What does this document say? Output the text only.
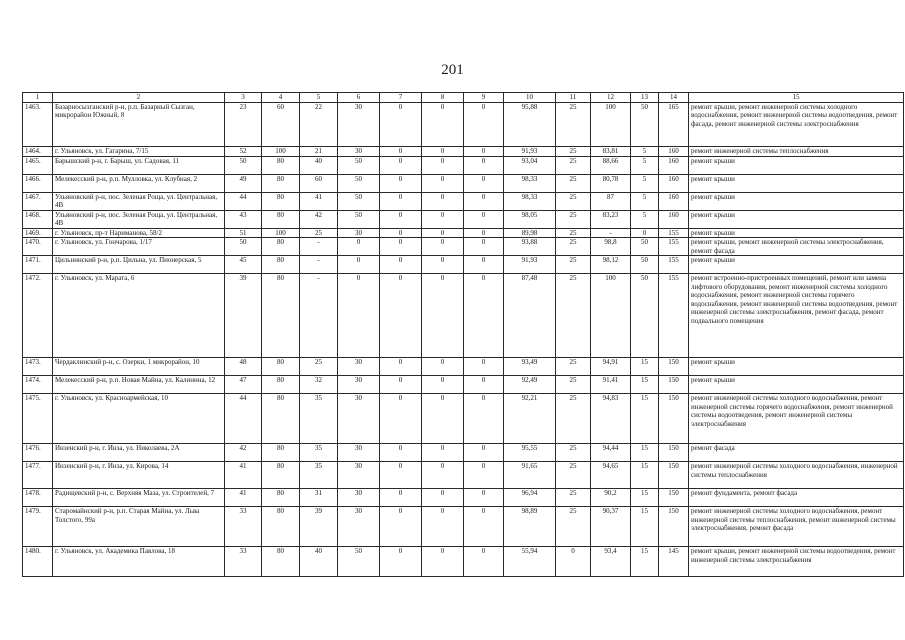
201
1	2	3	4	5	6	7	8	9	10	11	12	13	14	15
1463.	Базарносызганский р-н, р.п. Базарный Сызган, микрорайон Южный, 8	23	60	22	30	0	0	0	95,88	25	100	50	165	ремонт крыши, ремонт инженерной системы холодного водоснабжения, ремонт инженерной системы водоотведения, ремонт фасада, ремонт инженерной системы электроснабжения
1464.	г. Ульяновск, ул. Гагарина, 7/15	52	100	21	30	0	0	0	91,93	25	83,81	5	160	ремонт инженерной системы теплоснабжения
1465.	Барышский р-н, г. Барыш, ул. Садовая, 11	50	80	40	50	0	0	0	93,04	25	88,66	5	160	ремонт крыши
1466.	Мелекесский р-н, р.п. Мулловка, ул. Клубная, 2	49	80	60	50	0	0	0	98,33	25	80,78	5	160	ремонт крыши
1467.	Ульяновский р-н, пос. Зеленая Роща, ул. Центральная, 4В	44	80	41	50	0	0	0	98,33	25	87	5	160	ремонт крыши
1468.	Ульяновский р-н, пос. Зеленая Роща, ул. Центральная, 4В	43	80	42	50	0	0	0	98,05	25	83,23	5	160	ремонт крыши
1469.	г. Ульяновск, пр-т Нариманова, 58/2	51	100	25	30	0	0	0	89,98	25	-	0	155	ремонт крыши
1470.	г. Ульяновск, ул. Гончарова, 1/17	50	80	-	0	0	0	0	93,88	25	98,8	50	155	ремонт крыши, ремонт инженерной системы электроснабжения, ремонт фасада
1471.	Цильнинский р-н, р.п. Цильна, ул. Пионерская, 5	45	80	-	0	0	0	0	91,93	25	98,12	50	155	ремонт крыши
1472.	г. Ульяновск, ул. Марата, 6	39	80	-	0	0	0	0	87,48	25	100	50	155	ремонт встроенно-пристроенных помещений, ремонт или замена лифтового оборудования, ремонт инженерной системы холодного водоснабжения, ремонт инженерной системы горячего водоснабжения, ремонт инженерной системы водоотведения, ремонт инженерной системы электроснабжения, ремонт фасада, ремонт подвального помещения
1473.	Чердаклинский р-н, с. Озерки, 1 микрорайон, 10	48	80	25	30	0	0	0	93,49	25	94,91	15	150	ремонт крыши
1474.	Мелекесский р-н, р.п. Новая Майна, ул. Калинина, 12	47	80	32	30	0	0	0	92,49	25	91,41	15	150	ремонт крыши
1475.	г. Ульяновск, ул. Красноармейская, 10	44	80	35	30	0	0	0	92,21	25	94,83	15	150	ремонт инженерной системы холодного водоснабжения, ремонт инженерной системы горячего водоснабжения, ремонт инженерной системы водоотведения, ремонт инженерной системы электроснабжения
1476.	Инзенский р-н, г. Инза, ул. Николаева, 2А	42	80	35	30	0	0	0	95,55	25	94,44	15	150	ремонт фасада
1477.	Инзенский р-н, г. Инза, ул. Кирова, 14	41	80	35	30	0	0	0	91,65	25	94,65	15	150	ремонт инженерной системы холодного водоснабжения, инженерной системы теплоснабжения
1478.	Радищевский р-н, с. Верхняя Мазa, ул. Строителей, 7	41	80	31	30	0	0	0	96,94	25	90,2	15	150	ремонт фундамента, ремонт фасада
1479.	Старомайнский р-н, р.п. Старая Майна, ул. Льва Толстого, 99а	33	80	39	30	0	0	0	98,89	25	90,37	15	150	ремонт инженерной системы холодного водоснабжения, ремонт инженерной системы теплоснабжения, ремонт инженерной системы электроснабжения, ремонт фасада
1480.	г. Ульяновск, ул. Академика Павлова, 18	33	80	40	50	0	0	0	55,94	0	93,4	15	145	ремонт крыши, ремонт инженерной системы водоотведения, ремонт инженерной системы электроснабжения
